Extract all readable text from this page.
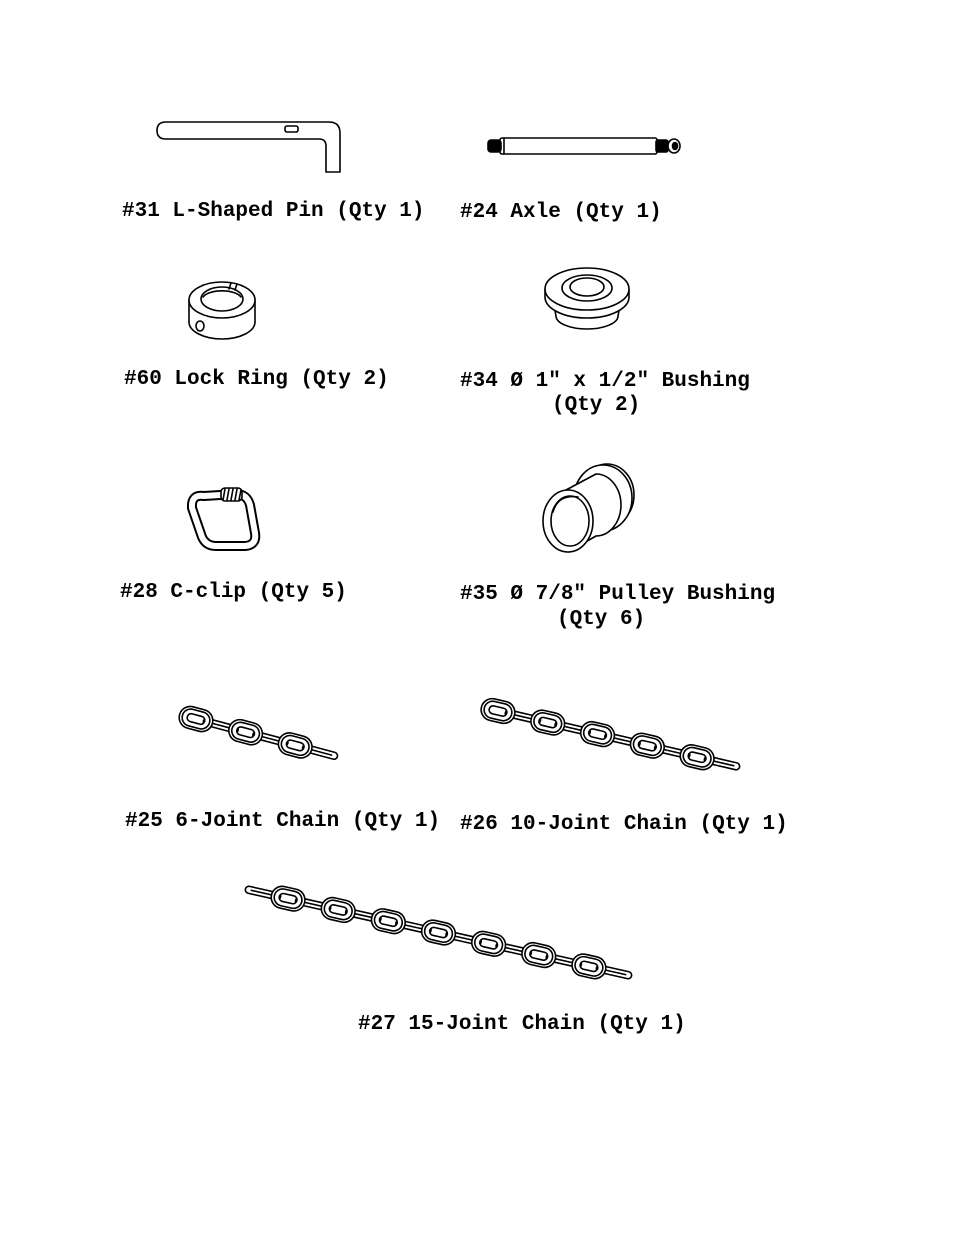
#31 L-Shaped Pin (Qty 1) #24 Axle (Qty 1)
#60 Lock Ring (Qty 2)	#34 Ø 1" x 1/2" Bushing
(Qty 2)
#28 C-clip (Qty 5)	#35 Ø 7/8" Pulley Bushing
(Qty 6)
#25 6-Joint Chain (Qty 1) #26 10-Joint Chain (Qty 1)
#27 15-Joint Chain (Qty 1)
